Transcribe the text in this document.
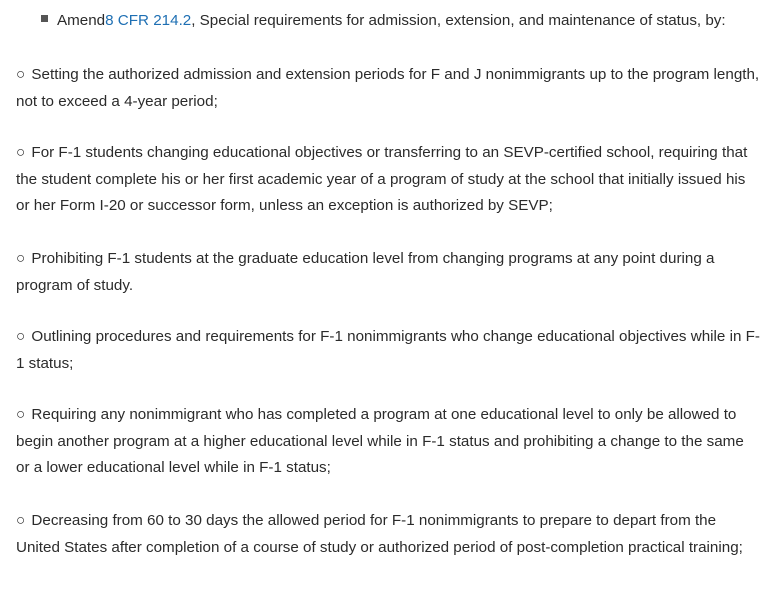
Amend8 CFR 214.2, Special requirements for admission, extension, and maintenance of status, by:

○ Setting the authorized admission and extension periods for F and J nonimmigrants up to the program length, not to exceed a 4-year period;

○ For F-1 students changing educational objectives or transferring to an SEVP-certified school, requiring that the student complete his or her first academic year of a program of study at the school that initially issued his or her Form I-20 or successor form, unless an exception is authorized by SEVP;

○ Prohibiting F-1 students at the graduate education level from changing programs at any point during a program of study.

○ Outlining procedures and requirements for F-1 nonimmigrants who change educational objectives while in F-1 status;

○ Requiring any nonimmigrant who has completed a program at one educational level to only be allowed to begin another program at a higher educational level while in F-1 status and prohibiting a change to the same or a lower educational level while in F-1 status;

○ Decreasing from 60 to 30 days the allowed period for F-1 nonimmigrants to prepare to depart from the United States after completion of a course of study or authorized period of post-completion practical training;
